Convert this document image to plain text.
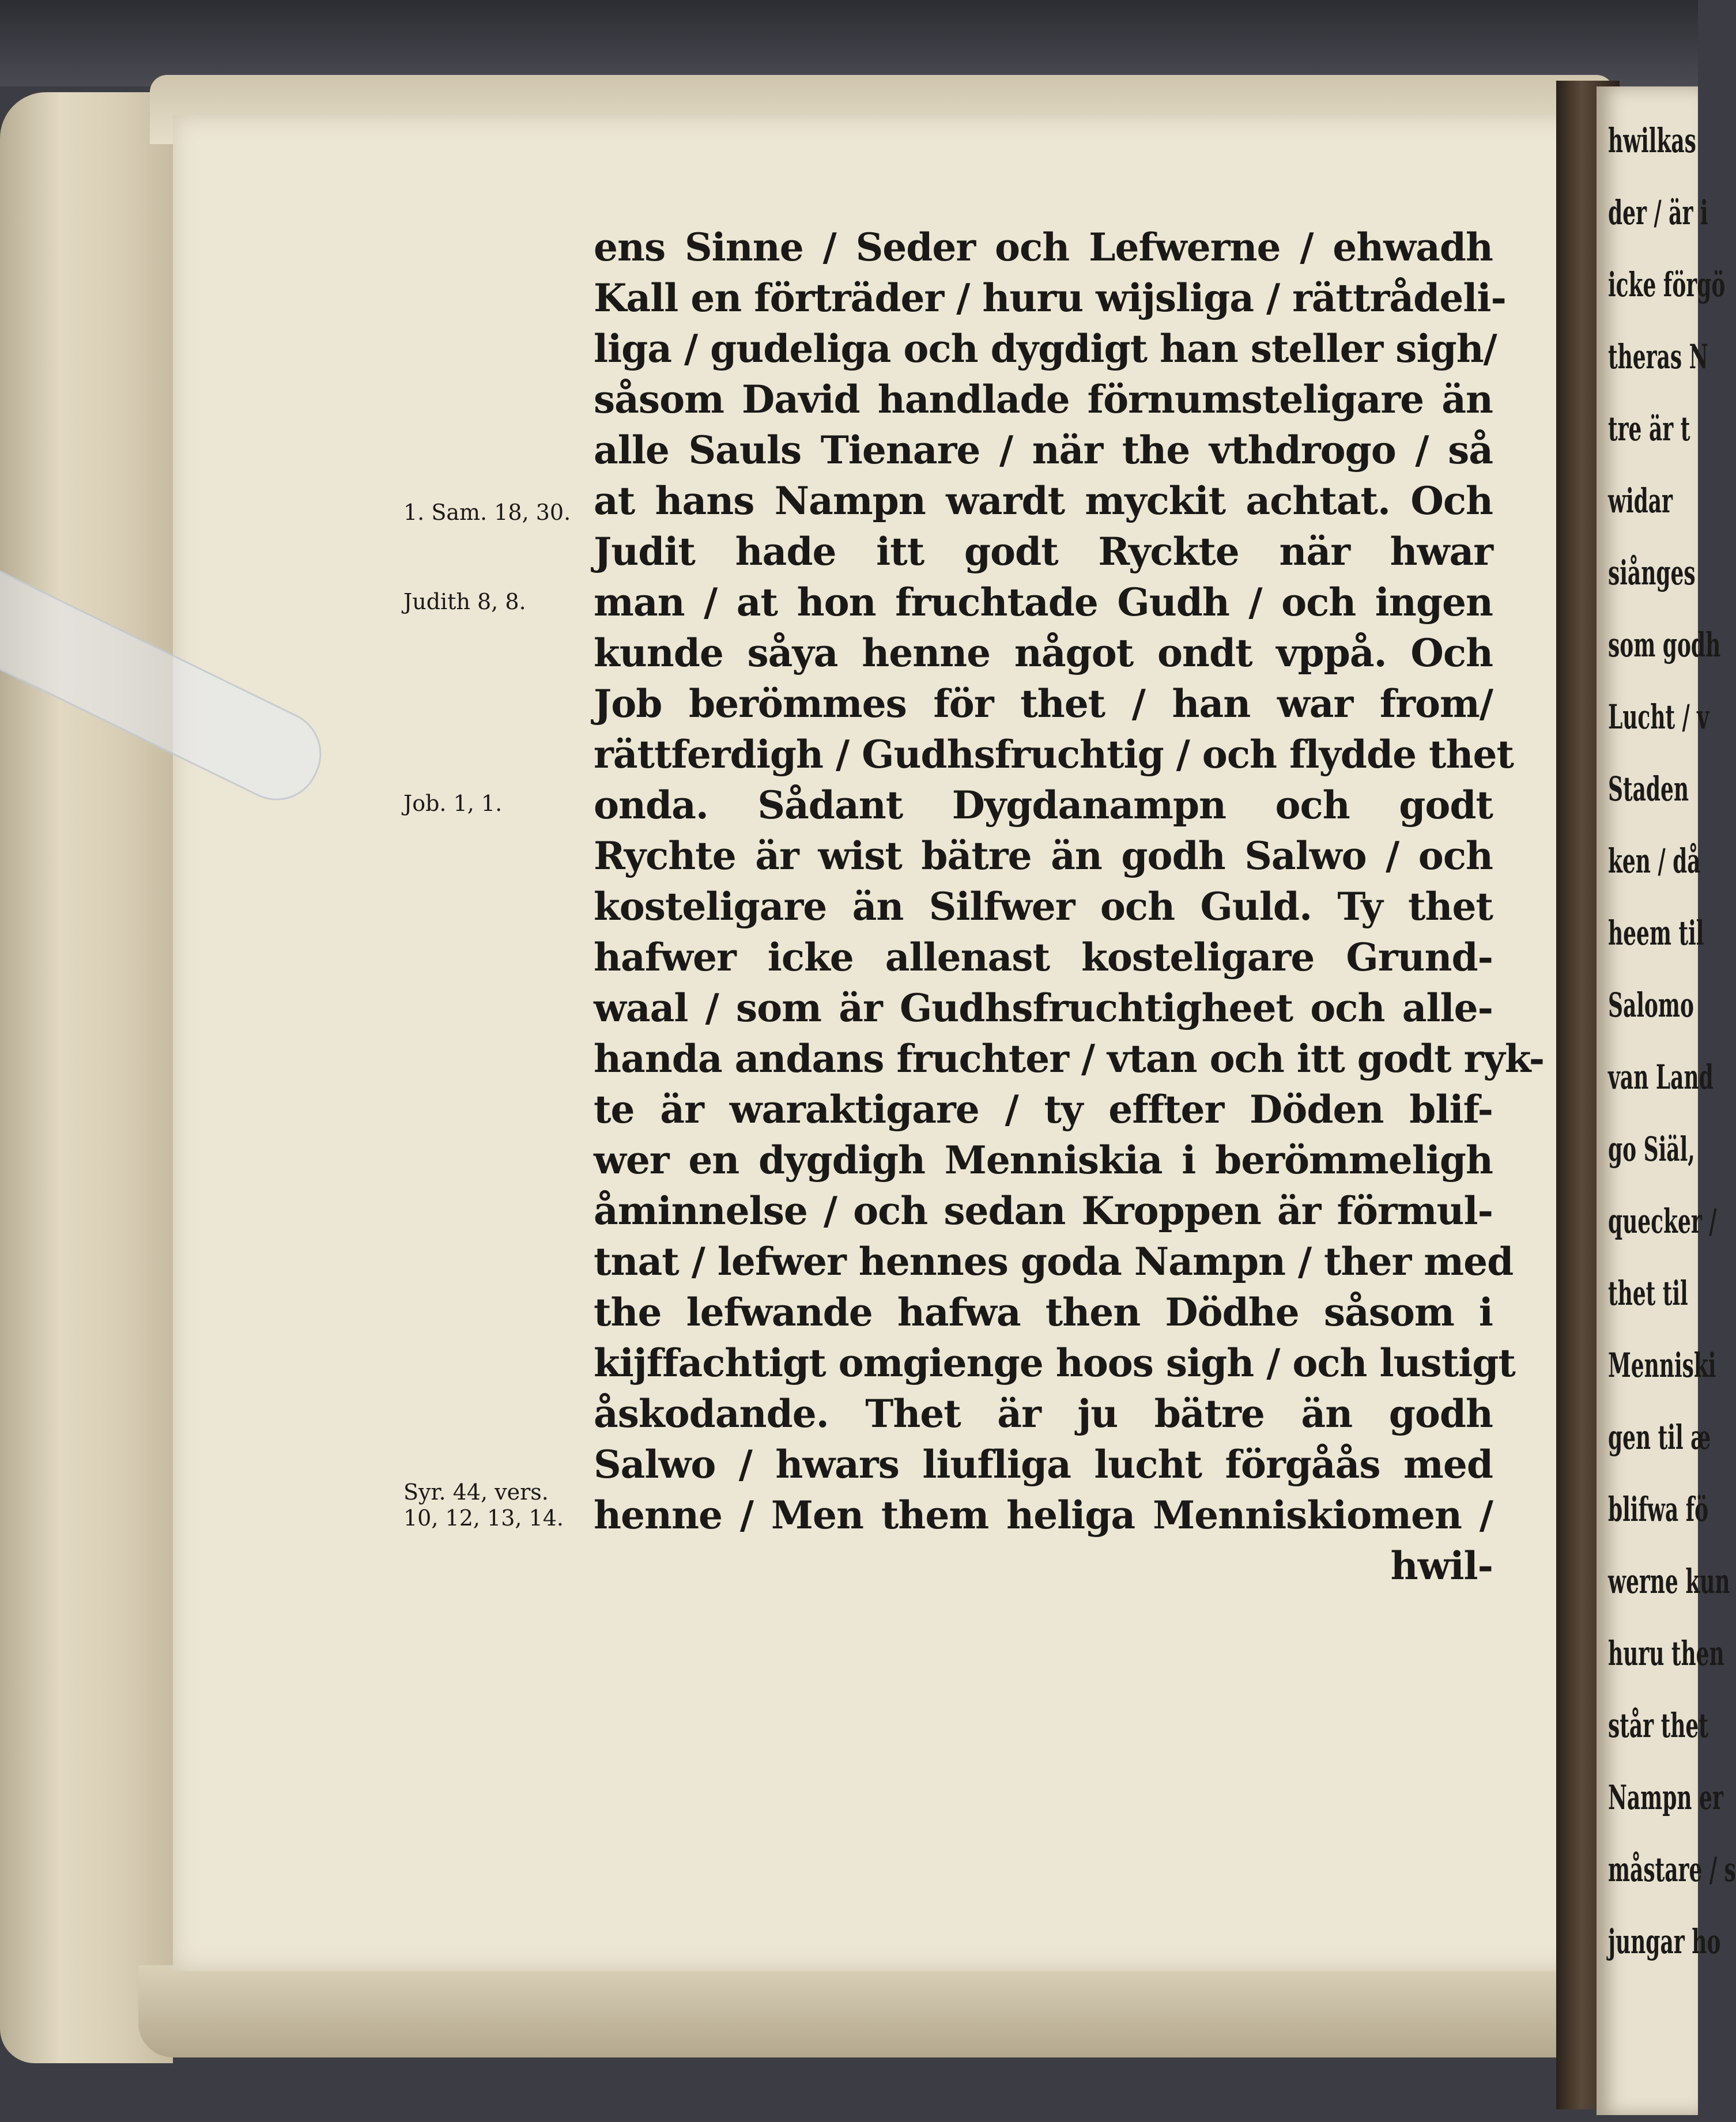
hwilkas
der / är i
icke förgö
theras N
tre är t
widar
siånges
som godh
Lucht / v
Staden
ken / då
heem til
Salomo
van Land
go Siäl,
quecker /
thet til
Menniski
gen til æ
blifwa fö
werne kun
huru then
står thet
Nampn er
måstare / s
jungar ho
1. Sam. 18, 30.
Judith 8, 8.
Job. 1, 1.
Syr. 44, vers.
10, 12, 13, 14.
ens Sinne / Seder och Lefwerne / ehwadh
Kall en förträder / huru wijsliga / rättrådeli-
liga / gudeliga och dygdigt han steller sigh/
såsom David handlade förnumsteligare än
alle Sauls Tienare / när the vthdrogo / så
at hans Nampn wardt myckit achtat. Och
Judit hade itt godt Ryckte när hwar
man / at hon fruchtade Gudh / och ingen
kunde såya henne något ondt vppå. Och
Job berömmes för thet / han war from/
rättferdigh / Gudhsfruchtig / och flydde thet
onda. Sådant Dygdanampn och godt
Rychte är wist bätre än godh Salwo / och
kosteligare än Silfwer och Guld. Ty thet
hafwer icke allenast kosteligare Grund-
waal / som är Gudhsfruchtigheet och alle-
handa andans fruchter / vtan och itt godt ryk-
te är waraktigare / ty effter Döden blif-
wer en dygdigh Menniskia i berömmeligh
åminnelse / och sedan Kroppen är förmul-
tnat / lefwer hennes goda Nampn / ther med
the lefwande hafwa then Dödhe såsom i
kijffachtigt omgienge hoos sigh / och lustigt
åskodande. Thet är ju bätre än godh
Salwo / hwars liufliga lucht förgåås med
henne / Men them heliga Menniskiomen /
hwil-
